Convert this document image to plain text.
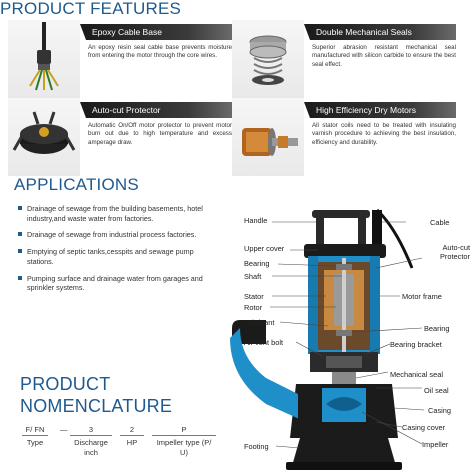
PRODUCT FEATURES
Epoxy Cable Base
An epoxy resin seal cable base prevents moisture from entering the motor through the core wires.
Double Mechanical Seals
Superior abrasion resistant mechanical seal manufactured with silicon carbide to ensure the best seal effect.
Auto-cut Protector
Automatic On/Off motor protector to prevent motor burn out due to high temperature and excess amperage draw.
High Efficiency Dry Motors
All stator coils need to be treated with insulating varnish procedure to achieving the best insulation, efficiency and durability.
APPLICATIONS
Drainage of sewage from the building basements, hotel industry,and waste water from factories.
Drainage of sewage from industrial process factories.
Emptying of septic tanks,cesspits and sewage pump stations.
Pumping surface and drainage water from garages and sprinkler systems.
PRODUCT
NOMENCLATURE
F/ FN
Type
—	3
Discharge inch
2
HP
P
Impeller type (P/ U)
Handle
Upper cover
Bearing
Shaft
Stator
Rotor
Lubricant
Air vent bolt
Footing
Cable
Auto-cut Protector
Motor frame
Bearing
Bearing bracket
Mechanical seal
Oil seal
Casing
Casing cover
Impeller
